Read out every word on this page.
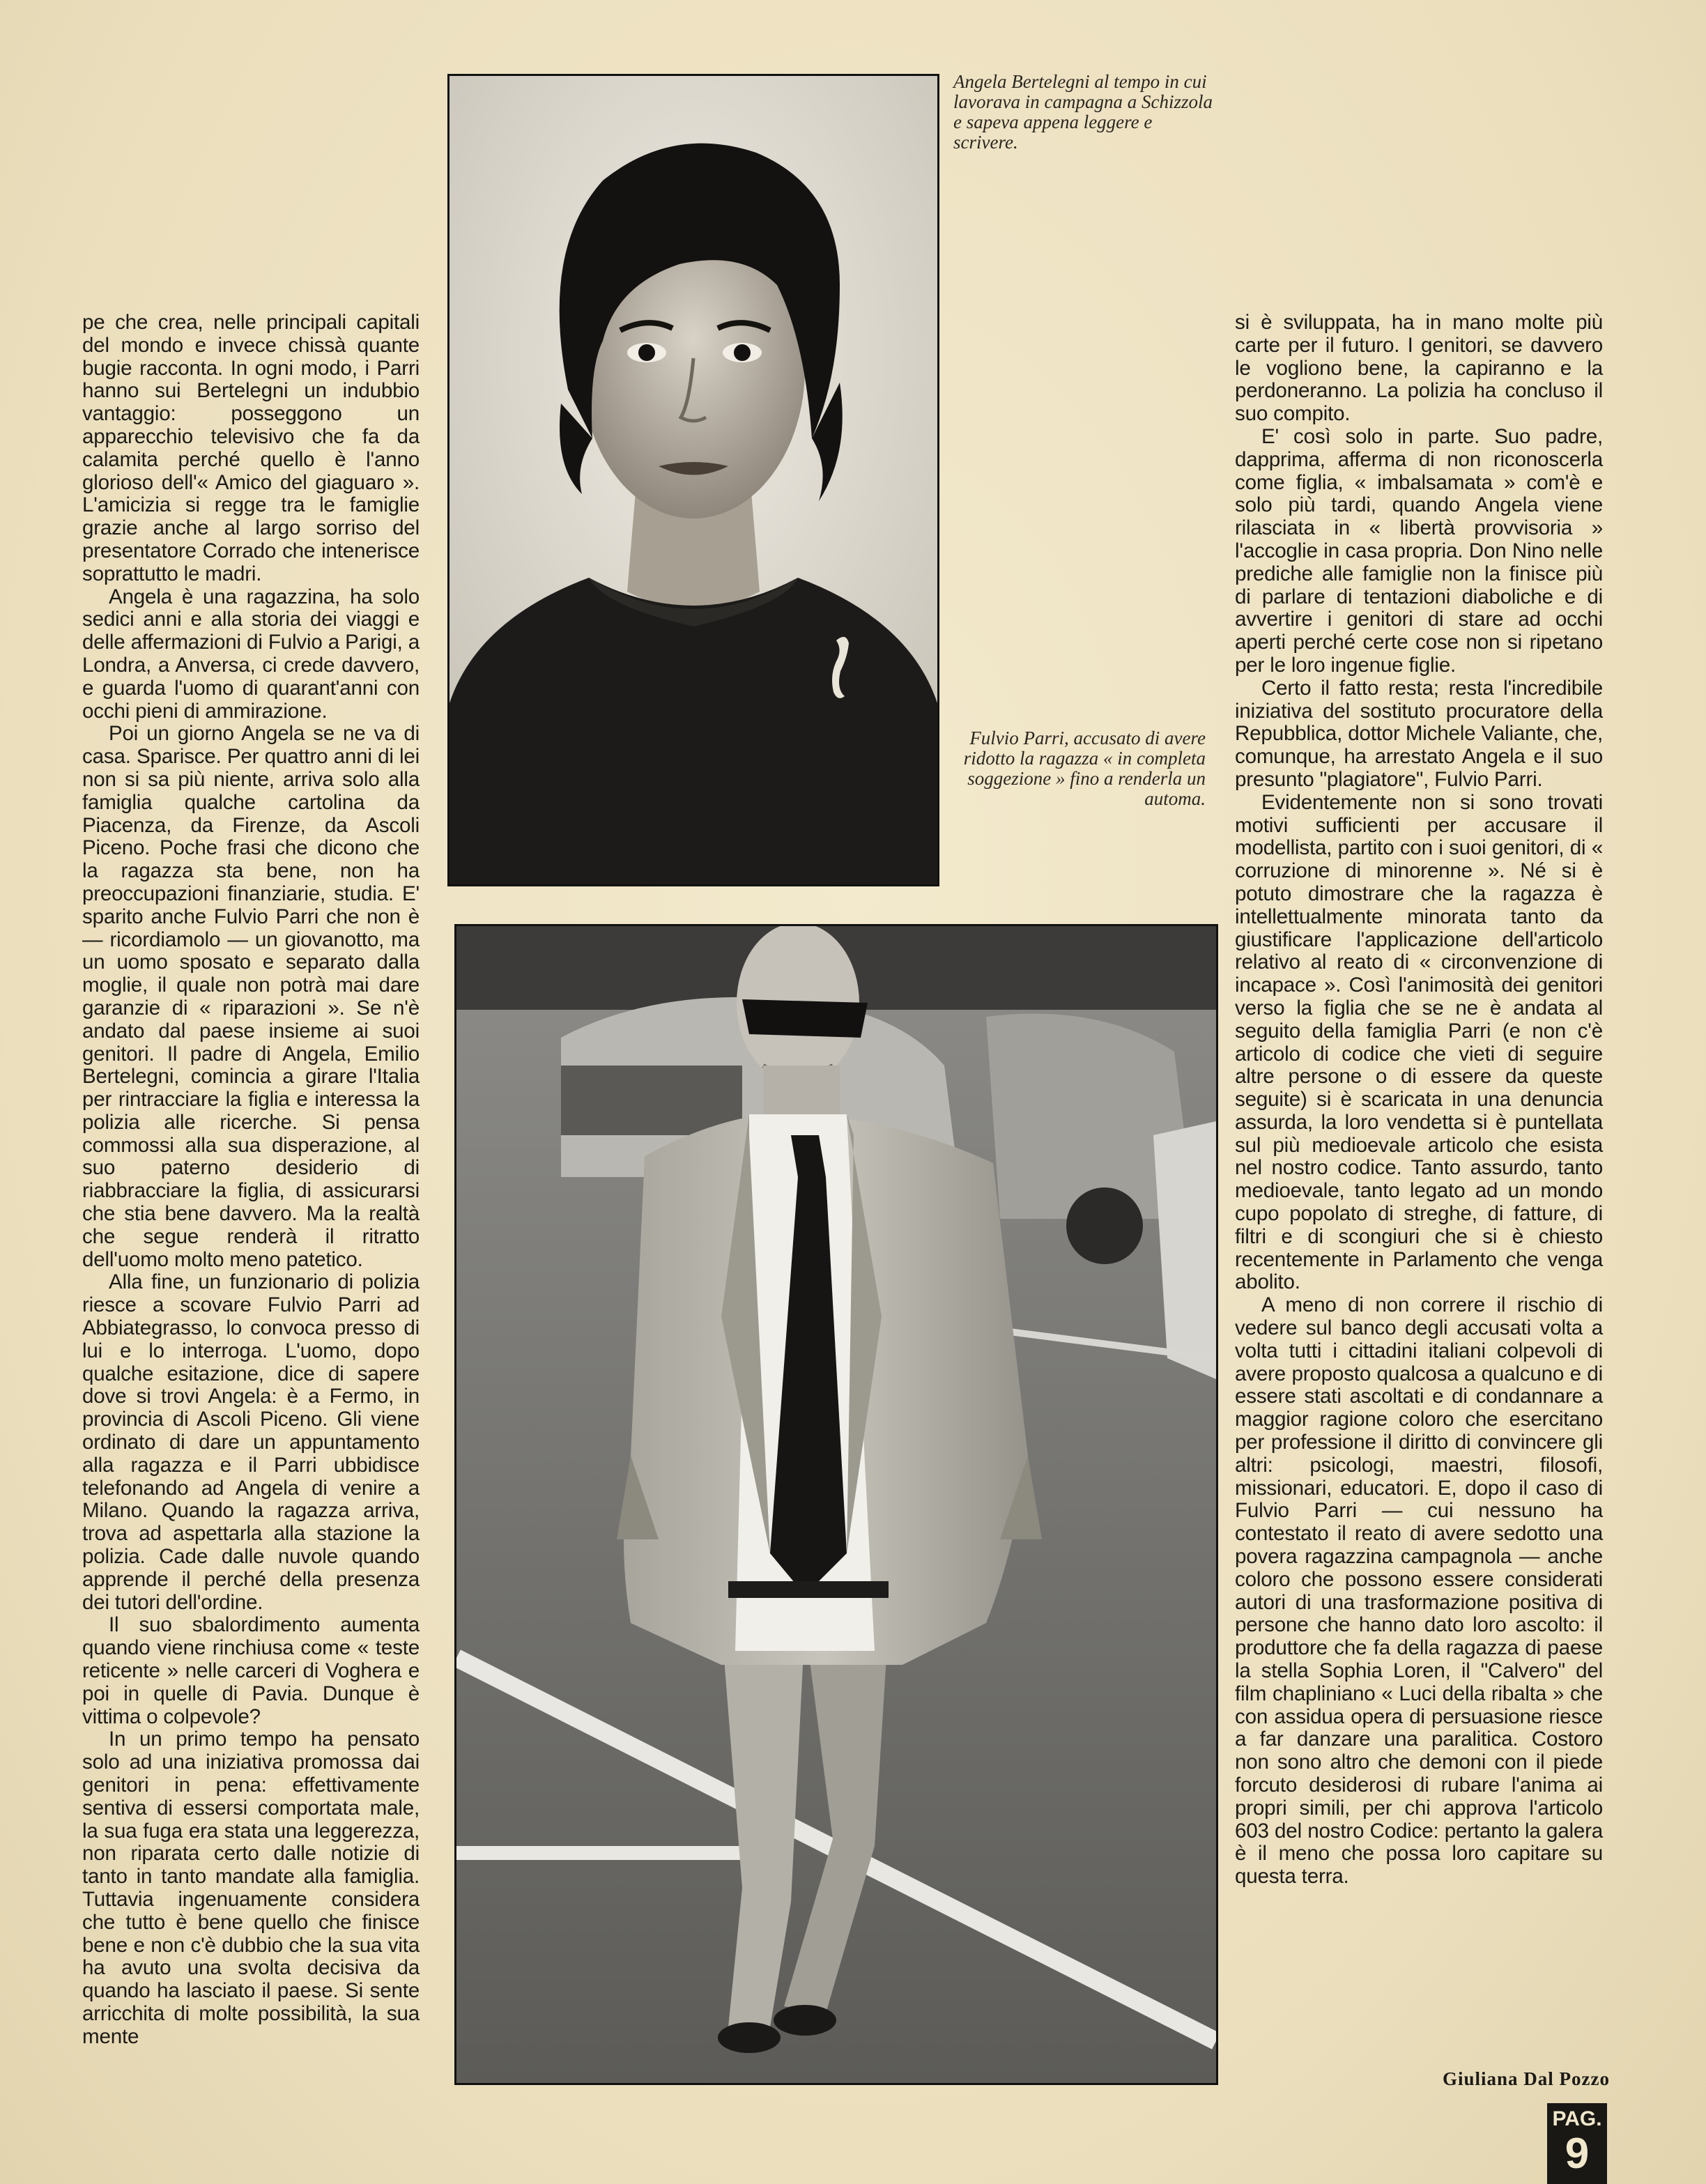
pe che crea, nelle principali capitali del mondo e invece chissà quante bugie racconta. In ogni modo, i Parri hanno sui Bertelegni un indubbio vantaggio: posseggono un apparecchio televisivo che fa da calamita perché quello è l'anno glorioso dell'« Amico del giaguaro ». L'amicizia si regge tra le famiglie grazie anche al largo sorriso del presentatore Corrado che intenerisce soprattutto le madri.

Angela è una ragazzina, ha solo sedici anni e alla storia dei viaggi e delle affermazioni di Fulvio a Parigi, a Londra, a Anversa, ci crede davvero, e guarda l'uomo di quarant'anni con occhi pieni di ammirazione.

Poi un giorno Angela se ne va di casa. Sparisce. Per quattro anni di lei non si sa più niente, arriva solo alla famiglia qualche cartolina da Piacenza, da Firenze, da Ascoli Piceno. Poche frasi che dicono che la ragazza sta bene, non ha preoccupazioni finanziarie, studia. E' sparito anche Fulvio Parri che non è — ricordiamolo — un giovanotto, ma un uomo sposato e separato dalla moglie, il quale non potrà mai dare garanzie di « riparazioni ». Se n'è andato dal paese insieme ai suoi genitori. Il padre di Angela, Emilio Bertelegni, comincia a girare l'Italia per rintracciare la figlia e interessa la polizia alle ricerche. Si pensa commossi alla sua disperazione, al suo paterno desiderio di riabbracciare la figlia, di assicurarsi che stia bene davvero. Ma la realtà che segue renderà il ritratto dell'uomo molto meno patetico.

Alla fine, un funzionario di polizia riesce a scovare Fulvio Parri ad Abbiategrasso, lo convoca presso di lui e lo interroga. L'uomo, dopo qualche esitazione, dice di sapere dove si trovi Angela: è a Fermo, in provincia di Ascoli Piceno. Gli viene ordinato di dare un appuntamento alla ragazza e il Parri ubbidisce telefonando ad Angela di venire a Milano. Quando la ragazza arriva, trova ad aspettarla alla stazione la polizia. Cade dalle nuvole quando apprende il perché della presenza dei tutori dell'ordine.

Il suo sbalordimento aumenta quando viene rinchiusa come « teste reticente » nelle carceri di Voghera e poi in quelle di Pavia. Dunque è vittima o colpevole?

In un primo tempo ha pensato solo ad una iniziativa promossa dai genitori in pena: effettivamente sentiva di essersi comportata male, la sua fuga era stata una leggerezza, non riparata certo dalle notizie di tanto in tanto mandate alla famiglia. Tuttavia ingenuamente considera che tutto è bene quello che finisce bene e non c'è dubbio che la sua vita ha avuto una svolta decisiva da quando ha lasciato il paese. Si sente arricchita di molte possibilità, la sua mente

Angela Bertelegni al tempo in cui lavorava in campagna a Schizzola e sapeva appena leggere e scrivere.
Fulvio Parri, accusato di avere ridotto la ragazza « in completa soggezione » fino a renderla un automa.

si è sviluppata, ha in mano molte più carte per il futuro. I genitori, se davvero le vogliono bene, la capiranno e la perdoneranno. La polizia ha concluso il suo compito.

E' così solo in parte. Suo padre, dapprima, afferma di non riconoscerla come figlia, « imbalsamata » com'è e solo più tardi, quando Angela viene rilasciata in « libertà provvisoria » l'accoglie in casa propria. Don Nino nelle prediche alle famiglie non la finisce più di parlare di tentazioni diaboliche e di avvertire i genitori di stare ad occhi aperti perché certe cose non si ripetano per le loro ingenue figlie.

Certo il fatto resta; resta l'incredibile iniziativa del sostituto procuratore della Repubblica, dottor Michele Valiante, che, comunque, ha arrestato Angela e il suo presunto "plagiatore", Fulvio Parri.

Evidentemente non si sono trovati motivi sufficienti per accusare il modellista, partito con i suoi genitori, di « corruzione di minorenne ». Né si è potuto dimostrare che la ragazza è intellettualmente minorata tanto da giustificare l'applicazione dell'articolo relativo al reato di « circonvenzione di incapace ». Così l'animosità dei genitori verso la figlia che se ne è andata al seguito della famiglia Parri (e non c'è articolo di codice che vieti di seguire altre persone o di essere da queste seguite) si è scaricata in una denuncia assurda, la loro vendetta si è puntellata sul più medioevale articolo che esista nel nostro codice. Tanto assurdo, tanto medioevale, tanto legato ad un mondo cupo popolato di streghe, di fatture, di filtri e di scongiuri che si è chiesto recentemente in Parlamento che venga abolito.

A meno di non correre il rischio di vedere sul banco degli accusati volta a volta tutti i cittadini italiani colpevoli di avere proposto qualcosa a qualcuno e di essere stati ascoltati e di condannare a maggior ragione coloro che esercitano per professione il diritto di convincere gli altri: psicologi, maestri, filosofi, missionari, educatori. E, dopo il caso di Fulvio Parri — cui nessuno ha contestato il reato di avere sedotto una povera ragazzina campagnola — anche coloro che possono essere considerati autori di una trasformazione positiva di persone che hanno dato loro ascolto: il produttore che fa della ragazza di paese la stella Sophia Loren, il "Calvero" del film chapliniano « Luci della ribalta » che con assidua opera di persuasione riesce a far danzare una paralitica. Costoro non sono altro che demoni con il piede forcuto desiderosi di rubare l'anima ai propri simili, per chi approva l'articolo 603 del nostro Codice: pertanto la galera è il meno che possa loro capitare su questa terra.

Giuliana Dal Pozzo
PAG.
9
